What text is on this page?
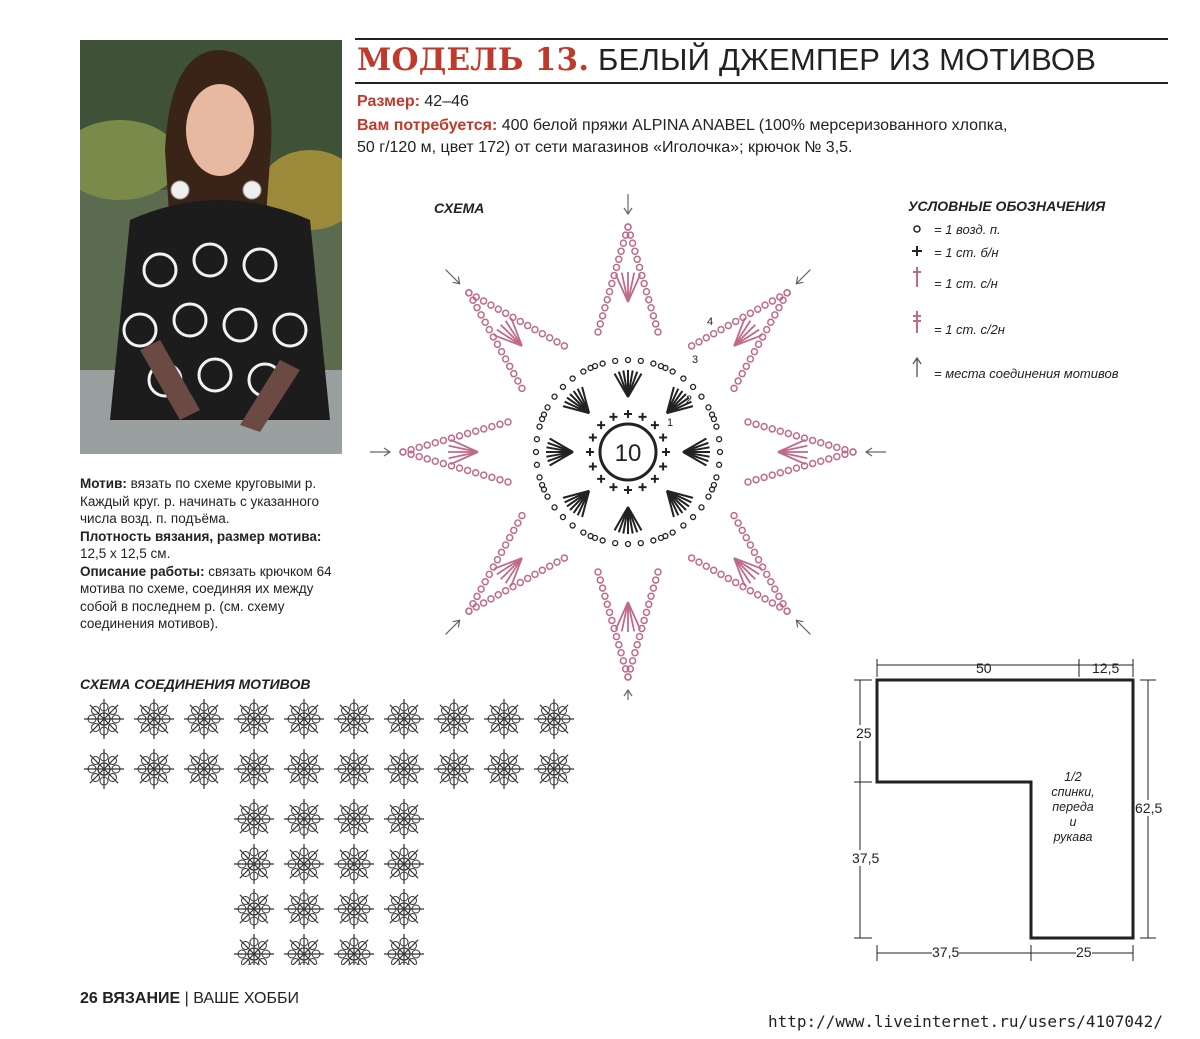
МОДЕЛЬ 13. БЕЛЫЙ ДЖЕМПЕР ИЗ МОТИВОВ
Размер: 42–46
Вам потребуется: 400 белой пряжи ALPINA ANABEL (100% мерсеризованного хлопка,
50 г/120 м, цвет 172) от сети магазинов «Иголочка»; крючок № 3,5.
СХЕМА
10
1
2
3
4
УСЛОВНЫЕ ОБОЗНАЧЕНИЯ
= 1 возд. п.
= 1 ст. б/н
= 1 ст. с/н
= 1 ст. с/2н
= места соединения мотивов
Мотив: вязать по схеме круговыми р. Каждый круг. р. начинать с указанного числа возд. п. подъёма.
Плотность вязания, размер мотива: 12,5 x 12,5 см.
Описание работы: связать крючком 64 мотива по схеме, соединяя их между собой в последнем р. (см. схему соединения мотивов).
СХЕМА СОЕДИНЕНИЯ МОТИВОВ
50	12,5
25
62,5
37,5
37,5	25
1/2
спинки,
переда
и
рукава
26 ВЯЗАНИЕ | ВАШЕ ХОББИ
http://www.liveinternet.ru/users/4107042/
